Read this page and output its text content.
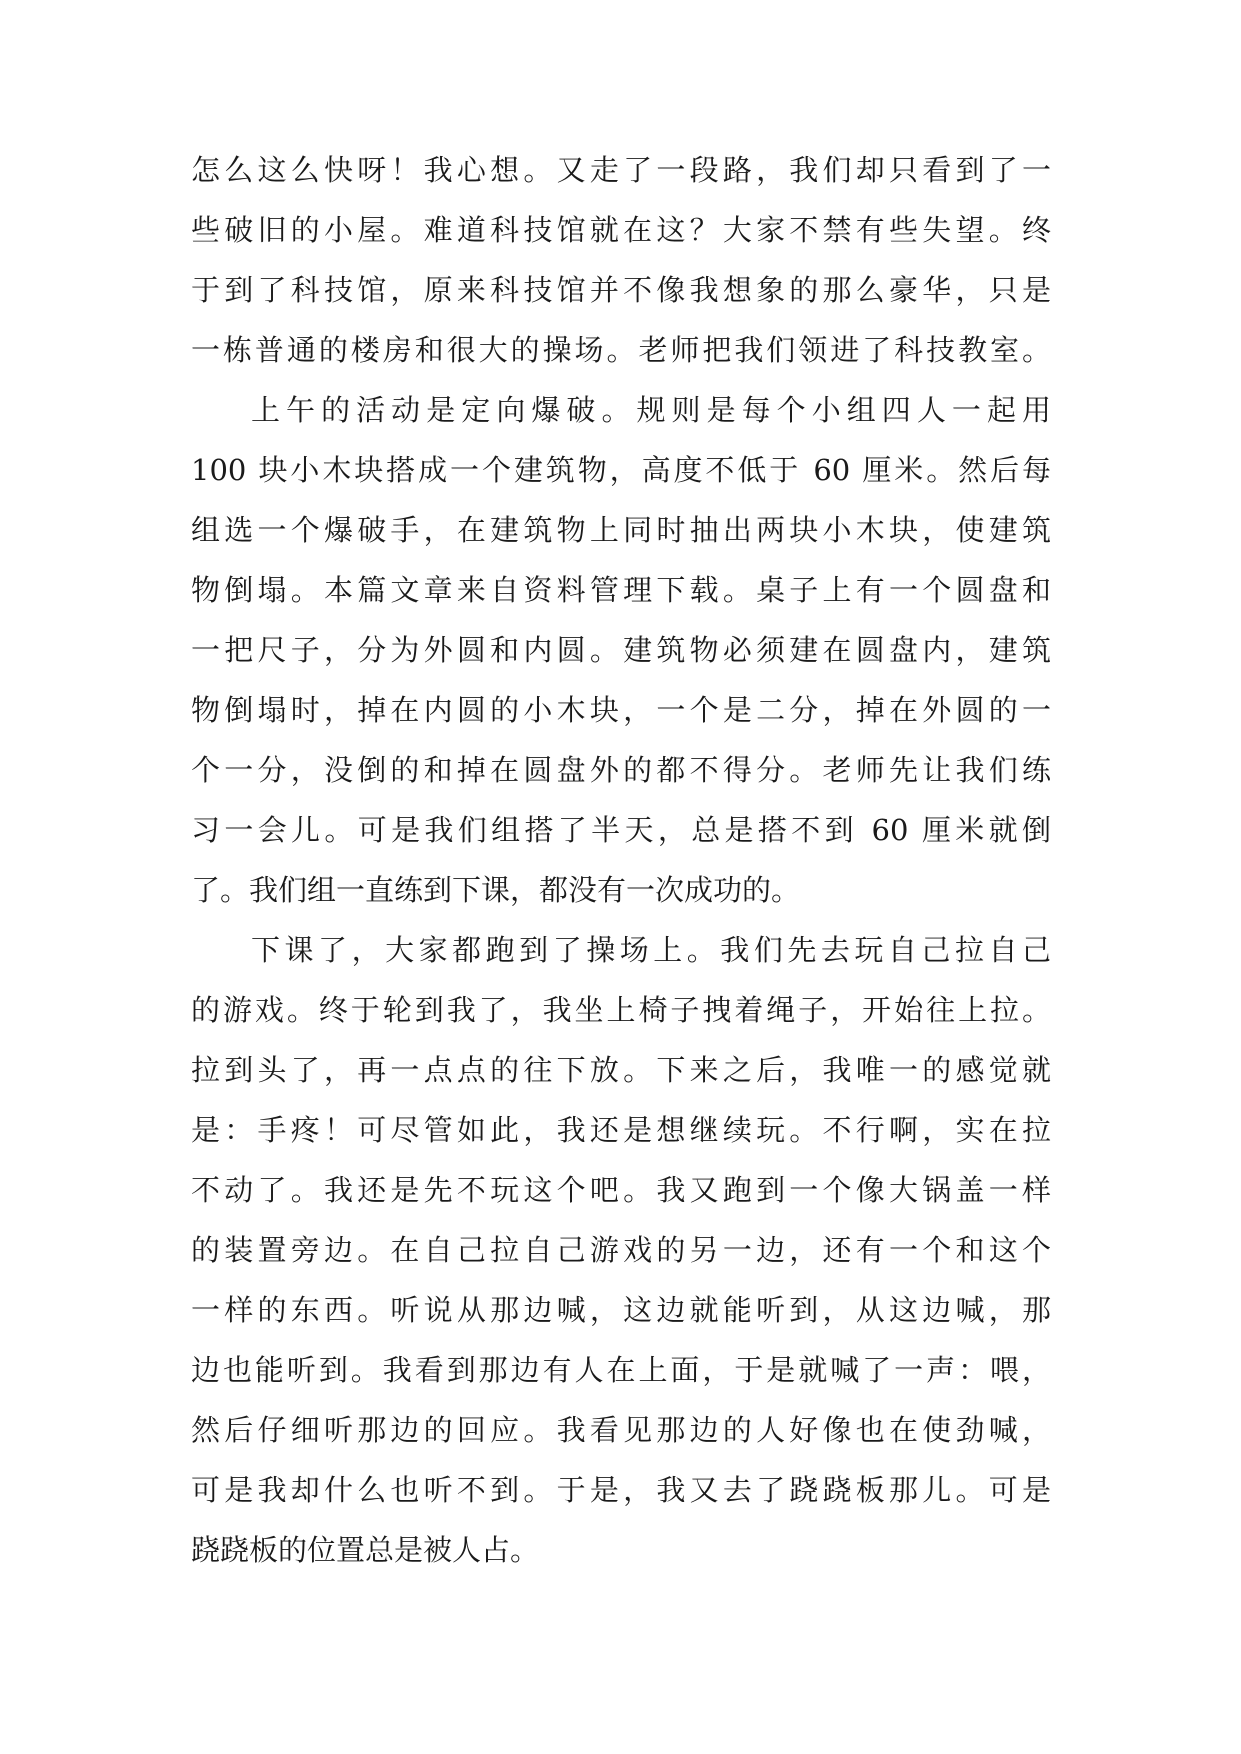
怎么这么快呀！我心想。又走了一段路，我们却只看到了一
些破旧的小屋。难道科技馆就在这？大家不禁有些失望。终
于到了科技馆，原来科技馆并不像我想象的那么豪华，只是
一栋普通的楼房和很大的操场。老师把我们领进了科技教室。
上午的活动是定向爆破。规则是每个小组四人一起用
100 块小木块搭成一个建筑物，高度不低于 60 厘米。然后每
组选一个爆破手，在建筑物上同时抽出两块小木块，使建筑
物倒塌。本篇文章来自资料管理下载。桌子上有一个圆盘和
一把尺子，分为外圆和内圆。建筑物必须建在圆盘内，建筑
物倒塌时，掉在内圆的小木块，一个是二分，掉在外圆的一
个一分，没倒的和掉在圆盘外的都不得分。老师先让我们练
习一会儿。可是我们组搭了半天，总是搭不到 60 厘米就倒
了。我们组一直练到下课，都没有一次成功的。
下课了，大家都跑到了操场上。我们先去玩自己拉自己
的游戏。终于轮到我了，我坐上椅子拽着绳子，开始往上拉。
拉到头了，再一点点的往下放。下来之后，我唯一的感觉就
是：手疼！可尽管如此，我还是想继续玩。不行啊，实在拉
不动了。我还是先不玩这个吧。我又跑到一个像大锅盖一样
的装置旁边。在自己拉自己游戏的另一边，还有一个和这个
一样的东西。听说从那边喊，这边就能听到，从这边喊，那
边也能听到。我看到那边有人在上面，于是就喊了一声：喂，
然后仔细听那边的回应。我看见那边的人好像也在使劲喊，
可是我却什么也听不到。于是，我又去了跷跷板那儿。可是
跷跷板的位置总是被人占。
